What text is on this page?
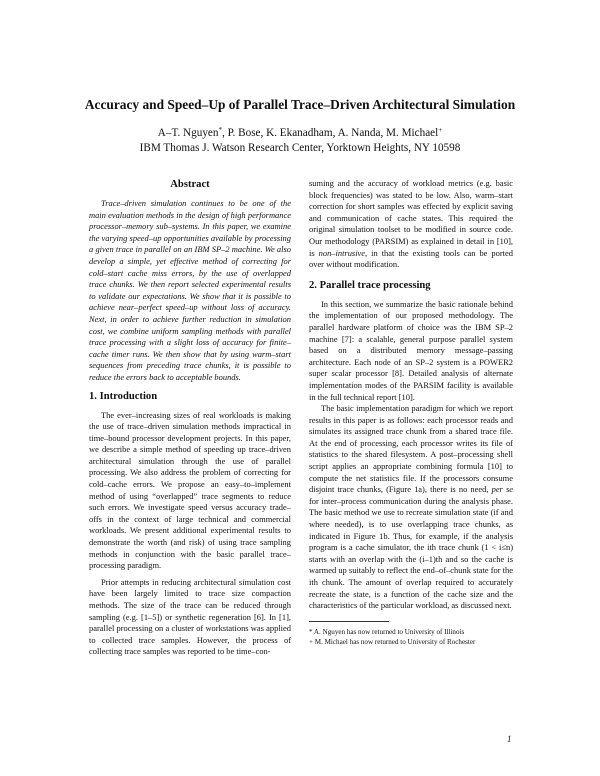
Accuracy and Speed–Up of Parallel Trace–Driven Architectural Simulation
A–T. Nguyen*, P. Bose, K. Ekanadham, A. Nanda, M. Michael+
IBM Thomas J. Watson Research Center, Yorktown Heights, NY 10598
Abstract

Trace–driven simulation continues to be one of the main evaluation methods in the design of high performance processor–memory sub–systems. In this paper, we examine the varying speed–up opportunities available by processing a given trace in parallel on an IBM SP–2 machine. We also develop a simple, yet effective method of correcting for cold–start cache miss errors, by the use of overlapped trace chunks. We then report selected experimental results to validate our expectations. We show that it is possible to achieve near–perfect speed–up without loss of accuracy. Next, in order to achieve further reduction in simulation cost, we combine uniform sampling methods with parallel trace processing with a slight loss of accuracy for finite–cache timer runs. We then show that by using warm–start sequences from preceding trace chunks, it is possible to reduce the errors back to acceptable bounds.

1. Introduction

The ever–increasing sizes of real workloads is making the use of trace–driven simulation methods impractical in time–bound processor development projects. In this paper, we describe a simple method of speeding up trace–driven architectural simulation through the use of parallel processing. We also address the problem of correcting for cold–cache errors. We propose an easy–to–implement method of using “overlapped” trace segments to reduce such errors. We investigate speed versus accuracy trade–offs in the context of large technical and commercial workloads. We present additional experimental results to demonstrate the worth (and risk) of using trace sampling methods in conjunction with the basic parallel trace–processing paradigm.

Prior attempts in reducing architectural simulation cost have been largely limited to trace size compaction methods. The size of the trace can be reduced through sampling (e.g. [1–5]) or synthetic regeneration [6]. In [1], parallel processing on a cluster of workstations was applied to collected trace samples. However, the process of collecting trace samples was reported to be time–con-

suming and the accuracy of workload metrics (e.g. basic block frequencies) was stated to be low. Also, warm–start correction for short samples was effected by explicit saving and communication of cache states. This required the original simulation toolset to be modified in source code. Our methodology (PARSIM) as explained in detail in [10], is non–intrusive, in that the existing tools can be ported over without modification.

2. Parallel trace processing

In this section, we summarize the basic rationale behind the implementation of our proposed methodology. The parallel hardware platform of choice was the IBM SP–2 machine [7]: a scalable, general purpose parallel system based on a distributed memory message–passing architecture. Each node of an SP–2 system is a POWER2 super scalar processor [8]. Detailed analysis of alternate implementation modes of the PARSIM facility is available in the full technical report [10].

The basic implementation paradigm for which we report results in this paper is as follows: each processor reads and simulates its assigned trace chunk from a shared trace file. At the end of processing, each processor writes its file of statistics to the shared filesystem. A post–processing shell script applies an appropriate combining formula [10] to compute the net statistics file. If the processors consume disjoint trace chunks, (Figure 1a), there is no need, per se for inter–process communication during the analysis phase. The basic method we use to recreate simulation state (if and where needed), is to use overlapping trace chunks, as indicated in Figure 1b. Thus, for example, if the analysis program is a cache simulator, the ith trace chunk (1 < i≤n) starts with an overlap with the (i–1)th and so the cache is warmed up suitably to reflect the end–of–chunk state for the ith chunk. The amount of overlap required to accurately recreate the state, is a function of the cache size and the characteristics of the particular workload, as discussed next.

* A. Nguyen has now returned to University of Illinois

+ M. Michael has now returned to University of Rochester

1
